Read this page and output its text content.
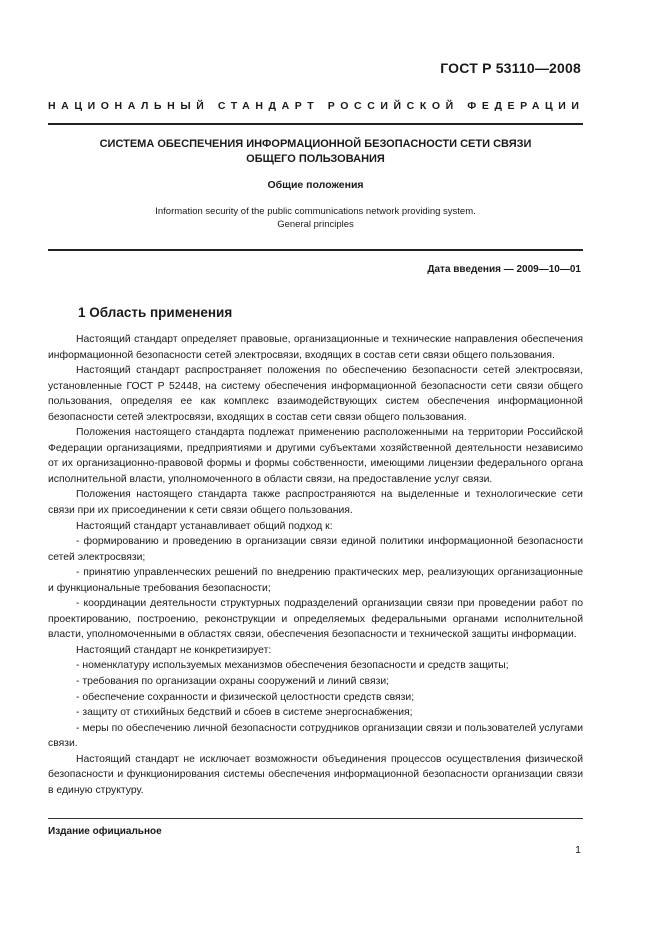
ГОСТ Р 53110—2008
НАЦИОНАЛЬНЫЙ СТАНДАРТ РОССИЙСКОЙ ФЕДЕРАЦИИ
СИСТЕМА ОБЕСПЕЧЕНИЯ ИНФОРМАЦИОННОЙ БЕЗОПАСНОСТИ СЕТИ СВЯЗИ
ОБЩЕГО ПОЛЬЗОВАНИЯ
Общие положения
Information security of the public communications network providing system.
General principles
Дата введения — 2009—10—01
1 Область применения

Настоящий стандарт определяет правовые, организационные и технические направления обеспечения информационной безопасности сетей электросвязи, входящих в состав сети связи общего пользования.

Настоящий стандарт распространяет положения по обеспечению безопасности сетей электросвязи, установленные ГОСТ Р 52448, на систему обеспечения информационной безопасности сети связи общего пользования, определяя ее как комплекс взаимодействующих систем обеспечения информационной безопасности сетей электросвязи, входящих в состав сети связи общего пользования.

Положения настоящего стандарта подлежат применению расположенными на территории Российской Федерации организациями, предприятиями и другими субъектами хозяйственной деятельности независимо от их организационно-правовой формы и формы собственности, имеющими лицензии федерального органа исполнительной власти, уполномоченного в области связи, на предоставление услуг связи.

Положения настоящего стандарта также распространяются на выделенные и технологические сети связи при их присоединении к сети связи общего пользования.

Настоящий стандарт устанавливает общий подход к:

- формированию и проведению в организации связи единой политики информационной безопасности сетей электросвязи;

- принятию управленческих решений по внедрению практических мер, реализующих организационные и функциональные требования безопасности;

- координации деятельности структурных подразделений организации связи при проведении работ по проектированию, построению, реконструкции и определяемых федеральными органами исполнительной власти, уполномоченными в областях связи, обеспечения безопасности и технической защиты информации.

Настоящий стандарт не конкретизирует:

- номенклатуру используемых механизмов обеспечения безопасности и средств защиты;

- требования по организации охраны сооружений и линий связи;

- обеспечение сохранности и физической целостности средств связи;

- защиту от стихийных бедствий и сбоев в системе энергоснабжения;

- меры по обеспечению личной безопасности сотрудников организации связи и пользователей услугами связи.

Настоящий стандарт не исключает возможности объединения процессов осуществления физической безопасности и функционирования системы обеспечения информационной безопасности организации связи в единую структуру.

Издание официальное
1
